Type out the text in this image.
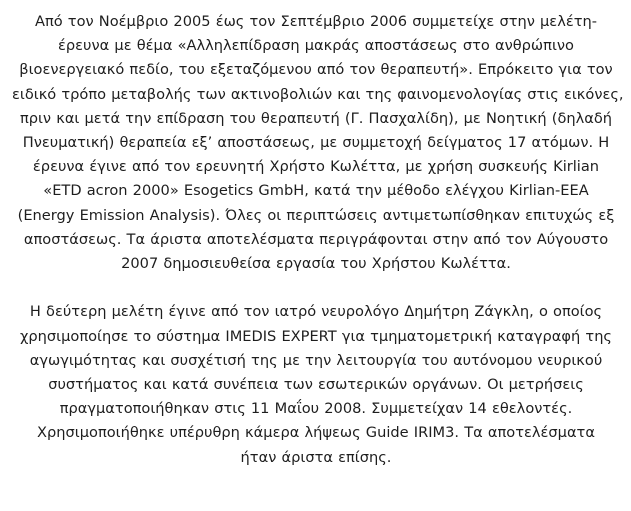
Από τον Νοέμβριο 2005 έως τον Σεπτέμβριο 2006 συμμετείχε στην μελέτη-
έρευνα με θέμα «Αλληλεπίδραση μακράς αποστάσεως στο ανθρώπινο
βιοενεργειακό πεδίο, του εξεταζόμενου από τον θεραπευτή». Επρόκειτο για τον
ειδικό τρόπο μεταβολής των ακτινοβολιών και της φαινομενολογίας στις εικόνες,
πριν και μετά την επίδραση του θεραπευτή (Γ. Πασχαλίδη), με Νοητική (δηλαδή
Πνευματική) θεραπεία εξ’ αποστάσεως, με συμμετοχή δείγματος 17 ατόμων. Η
έρευνα έγινε από τον ερευνητή Χρήστο Κωλέττα, με χρήση συσκευής Kirlian
«ETD acron 2000» Esogetics GmbH, κατά την μέθοδο ελέγχου Kirlian-EEA
(Energy Emission Analysis). Όλες οι περιπτώσεις αντιμετωπίσθηκαν επιτυχώς εξ
αποστάσεως. Τα άριστα αποτελέσματα περιγράφονται στην από τον Αύγουστο
2007 δημοσιευθείσα εργασία του Χρήστου Κωλέττα.
Η δεύτερη μελέτη έγινε από τον ιατρό νευρολόγο Δημήτρη Ζάγκλη, ο οποίος
χρησιμοποίησε το σύστημα IMEDIS EXPERT για τμηματομετρική καταγραφή της
αγωγιμότητας και συσχέτισή της με την λειτουργία του αυτόνομου νευρικού
συστήματος και κατά συνέπεια των εσωτερικών οργάνων. Οι μετρήσεις
πραγματοποιήθηκαν στις 11 Μαΐου 2008. Συμμετείχαν 14 εθελοντές.
Χρησιμοποιήθηκε υπέρυθρη κάμερα λήψεως Guide IRIM3. Τα αποτελέσματα
ήταν άριστα επίσης.
